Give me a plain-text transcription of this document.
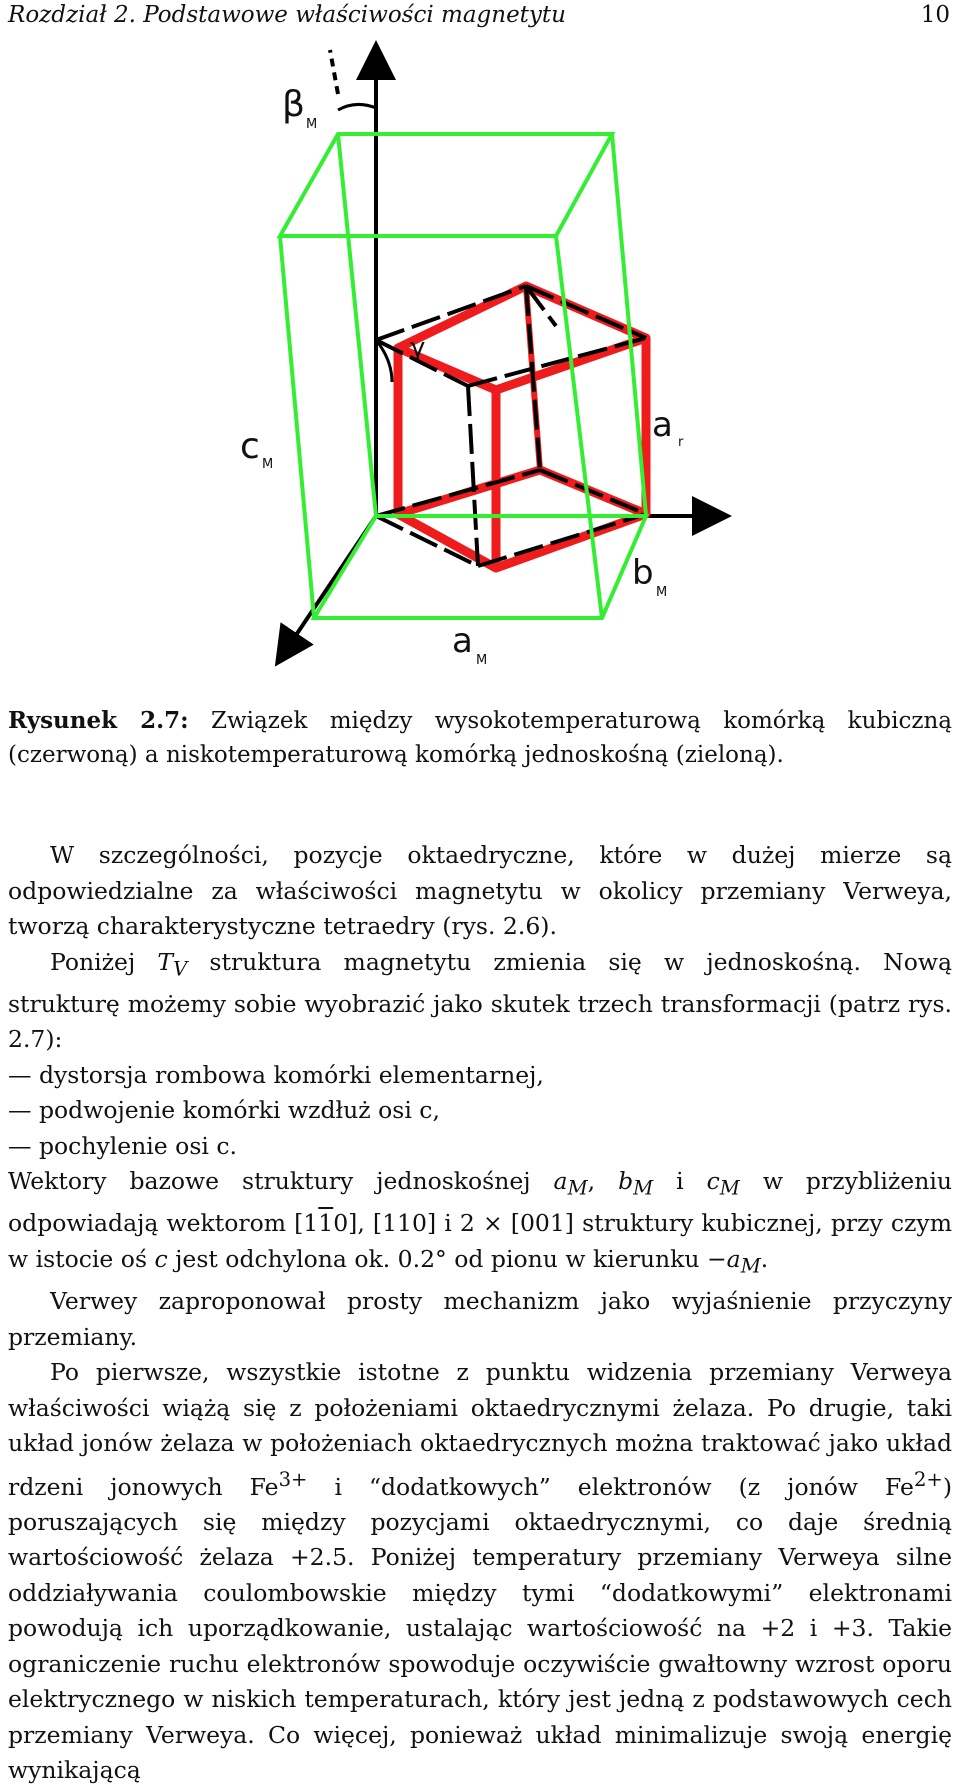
Rozdział 2. Podstawowe właściwości magnetytu	10
β M
γ
c M
a r
b M
a M
Rysunek 2.7: Związek między wysokotemperaturową komórką kubiczną (czerwoną) a niskotemperaturową komórką jednoskośną (zieloną).

W szczególności, pozycje oktaedryczne, które w dużej mierze są odpowiedzialne za właściwości magnetytu w okolicy przemiany Verweya, tworzą charakterystyczne tetraedry (rys. 2.6).

Poniżej $T_V$ struktura magnetytu zmienia się w jednoskośną. Nową strukturę możemy sobie wyobrazić jako skutek trzech transformacji (patrz rys. 2.7):

— dystorsja rombowa komórki elementarnej,

— podwojenie komórki wzdłuż osi c,

— pochylenie osi c.

Wektory bazowe struktury jednoskośnej $a_M$, $b_M$ i $c_M$ w przybliżeniu odpowiadają wektorom [110], [110] i 2 × [001] struktury kubicznej, przy czym w istocie oś c jest odchylona ok. 0.2° od pionu w kierunku $-a_M$.

Verwey zaproponował prosty mechanizm jako wyjaśnienie przyczyny przemiany.

Po pierwsze, wszystkie istotne z punktu widzenia przemiany Verweya właściwości wiążą się z położeniami oktaedrycznymi żelaza. Po drugie, taki układ jonów żelaza w położeniach oktaedrycznych można traktować jako układ rdzeni jonowych $Fe^{3+}$ i “dodatkowych” elektronów (z jonów $Fe^{2+}$) poruszających się między pozycjami oktaedrycznymi, co daje średnią wartościowość żelaza +2.5. Poniżej temperatury przemiany Verweya silne oddziaływania coulombowskie między tymi “dodatkowymi” elektronami powodują ich uporządkowanie, ustalając wartościowość na +2 i +3. Takie ograniczenie ruchu elektronów spowoduje oczywiście gwałtowny wzrost oporu elektrycznego w niskich temperaturach, który jest jedną z podstawowych cech przemiany Verweya. Co więcej, ponieważ układ minimalizuje swoją energię wynikającą
